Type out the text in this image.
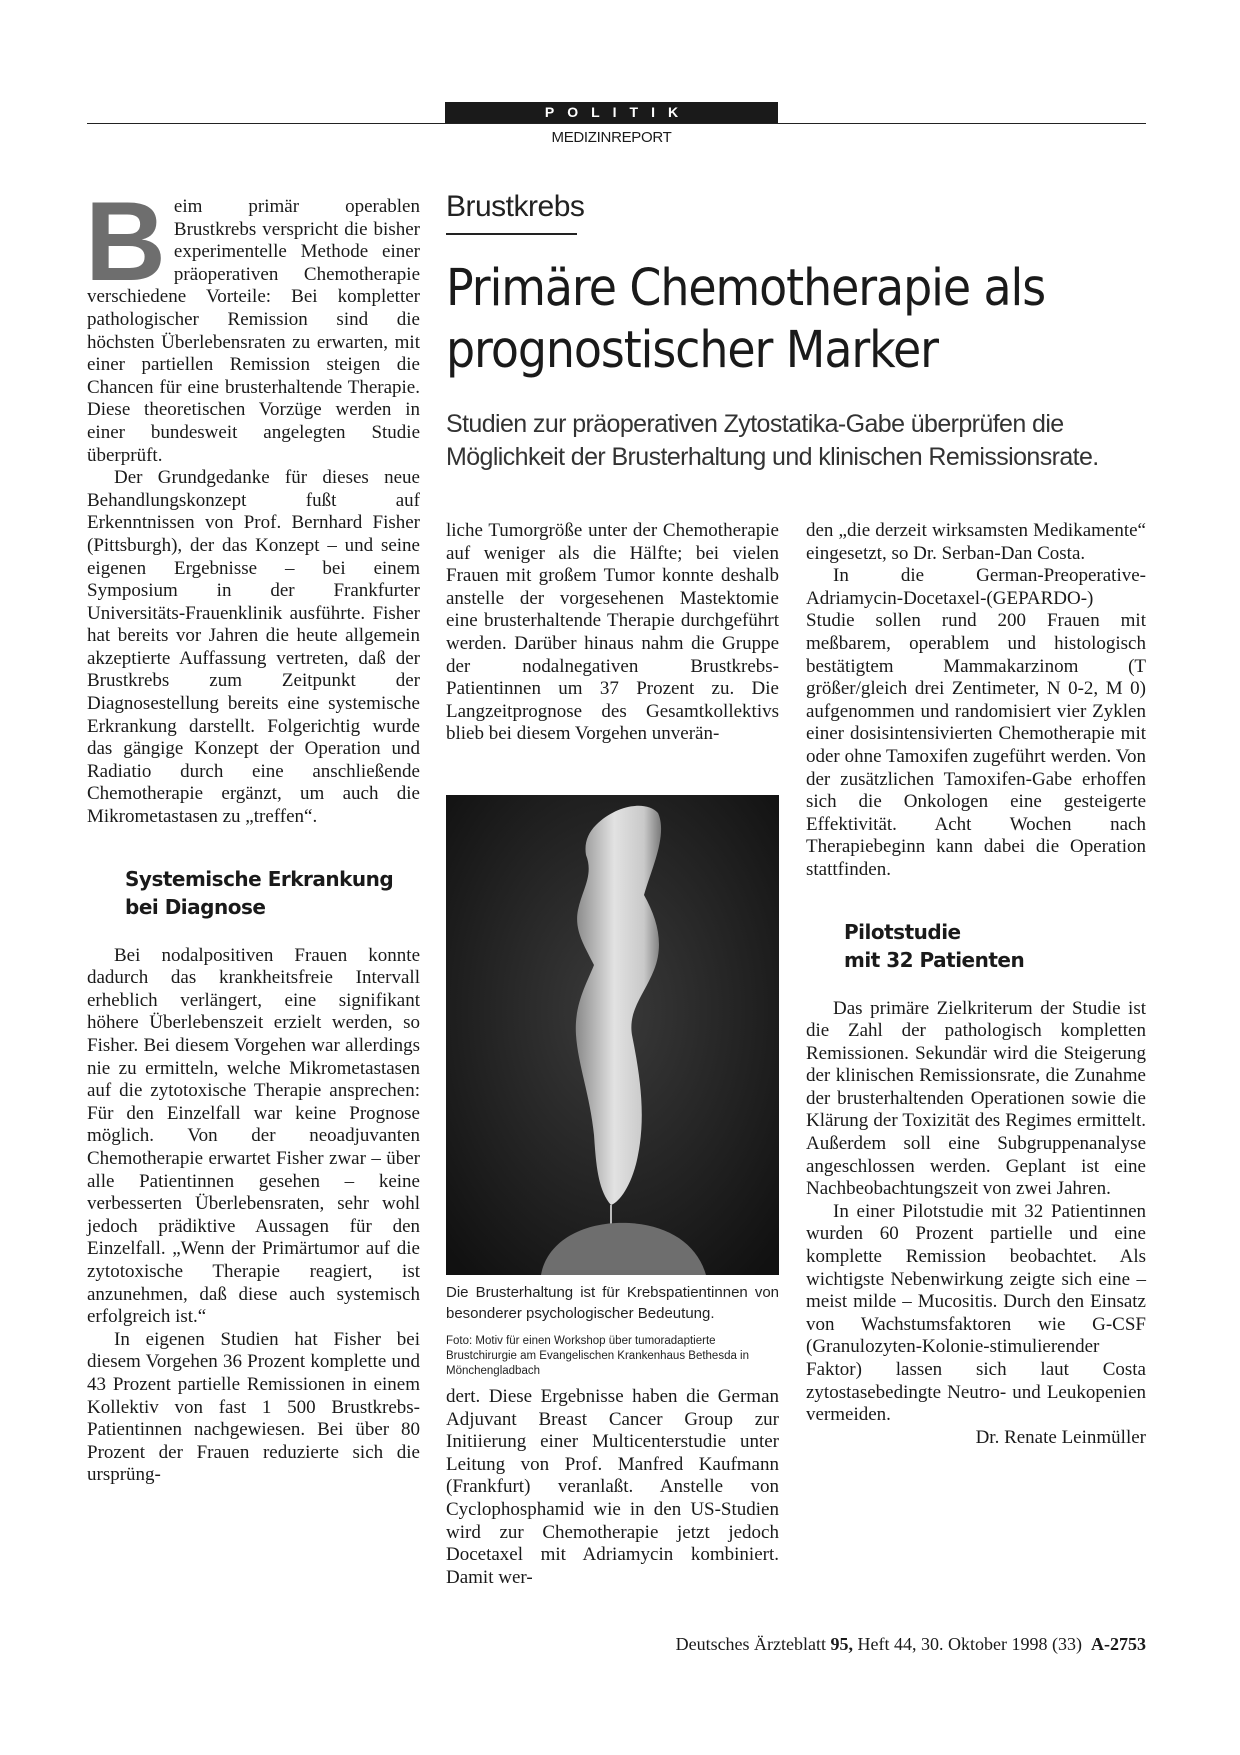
POLITIK
MEDIZINREPORT

Beim primär operablen Brustkrebs verspricht die bisher experimentelle Methode einer präoperativen Chemotherapie verschiedene Vorteile: Bei kompletter pathologischer Remission sind die höchsten Überlebensraten zu erwarten, mit einer partiellen Remission steigen die Chancen für eine brusterhaltende Therapie. Diese theoretischen Vorzüge werden in einer bundesweit angelegten Studie überprüft.

Der Grundgedanke für dieses neue Behandlungskonzept fußt auf Erkenntnissen von Prof. Bernhard Fisher (Pittsburgh), der das Konzept – und seine eigenen Ergebnisse – bei einem Symposium in der Frankfurter Universitäts-Frauenklinik ausführte. Fisher hat bereits vor Jahren die heute allgemein akzeptierte Auffassung vertreten, daß der Brustkrebs zum Zeitpunkt der Diagnosestellung bereits eine systemische Erkrankung darstellt. Folgerichtig wurde das gängige Konzept der Operation und Radiatio durch eine anschließende Chemotherapie ergänzt, um auch die Mikrometastasen zu „treffen“.

Systemische Erkrankung
bei Diagnose

Bei nodalpositiven Frauen konnte dadurch das krankheitsfreie Intervall erheblich verlängert, eine signifikant höhere Überlebenszeit erzielt werden, so Fisher. Bei diesem Vorgehen war allerdings nie zu ermitteln, welche Mikrometastasen auf die zytotoxische Therapie ansprechen: Für den Einzelfall war keine Prognose möglich. Von der neoadjuvanten Chemotherapie erwartet Fisher zwar – über alle Patientinnen gesehen – keine verbesserten Überlebensraten, sehr wohl jedoch prädiktive Aussagen für den Einzelfall. „Wenn der Primärtumor auf die zytotoxische Therapie reagiert, ist anzunehmen, daß diese auch systemisch erfolgreich ist.“

In eigenen Studien hat Fisher bei diesem Vorgehen 36 Prozent komplette und 43 Prozent partielle Remissionen in einem Kollektiv von fast 1 500 Brustkrebs-Patientinnen nachgewiesen. Bei über 80 Prozent der Frauen reduzierte sich die ursprüng-

Brustkrebs
Primäre Chemotherapie als
prognostischer Marker
Studien zur präoperativen Zytostatika-Gabe überprüfen die
Möglichkeit der Brusterhaltung und klinischen Remissionsrate.

liche Tumorgröße unter der Chemotherapie auf weniger als die Hälfte; bei vielen Frauen mit großem Tumor konnte deshalb anstelle der vorgesehenen Mastektomie eine brusterhaltende Therapie durchgeführt werden. Darüber hinaus nahm die Gruppe der nodalnegativen Brustkrebs-Patientinnen um 37 Prozent zu. Die Langzeitprognose des Gesamtkollektivs blieb bei diesem Vorgehen unverän-

Die Brusterhaltung ist für Krebspatientinnen von besonderer psychologischer Bedeutung.
Foto: Motiv für einen Workshop über tumoradaptierte Brustchirurgie am Evangelischen Krankenhaus Bethesda in Mönchengladbach

dert. Diese Ergebnisse haben die German Adjuvant Breast Cancer Group zur Initiierung einer Multicenterstudie unter Leitung von Prof. Manfred Kaufmann (Frankfurt) veranlaßt. Anstelle von Cyclophosphamid wie in den US-Studien wird zur Chemotherapie jetzt jedoch Docetaxel mit Adriamycin kombiniert. Damit wer-

den „die derzeit wirksamsten Medikamente“ eingesetzt, so Dr. Serban-Dan Costa.

In die German-Preoperative-Adriamycin-Docetaxel-(GEPARDO-) Studie sollen rund 200 Frauen mit meßbarem, operablem und histologisch bestätigtem Mammakarzinom (T größer/gleich drei Zentimeter, N 0-2, M 0) aufgenommen und randomisiert vier Zyklen einer dosisintensivierten Chemotherapie mit oder ohne Tamoxifen zugeführt werden. Von der zusätzlichen Tamoxifen-Gabe erhoffen sich die Onkologen eine gesteigerte Effektivität. Acht Wochen nach Therapiebeginn kann dabei die Operation stattfinden.

Pilotstudie
mit 32 Patienten

Das primäre Zielkriterum der Studie ist die Zahl der pathologisch kompletten Remissionen. Sekundär wird die Steigerung der klinischen Remissionsrate, die Zunahme der brusterhaltenden Operationen sowie die Klärung der Toxizität des Regimes ermittelt. Außerdem soll eine Subgruppenanalyse angeschlossen werden. Geplant ist eine Nachbeobachtungszeit von zwei Jahren.

In einer Pilotstudie mit 32 Patientinnen wurden 60 Prozent partielle und eine komplette Remission beobachtet. Als wichtigste Nebenwirkung zeigte sich eine – meist milde – Mucositis. Durch den Einsatz von Wachstumsfaktoren wie G-CSF (Granulozyten-Kolonie-stimulierender Faktor) lassen sich laut Costa zytostasebedingte Neutro- und Leukopenien vermeiden.

Dr. Renate Leinmüller

Deutsches Ärzteblatt 95, Heft 44, 30. Oktober 1998 (33) A-2753
